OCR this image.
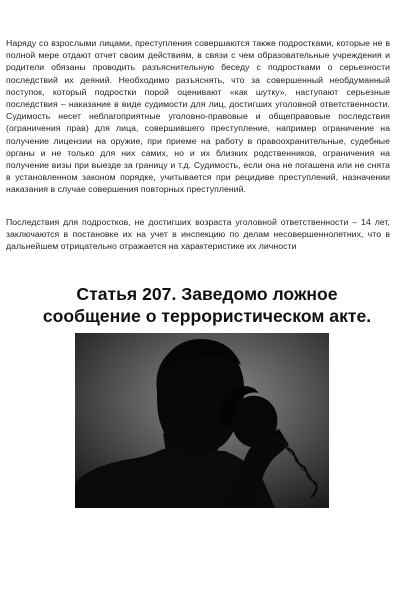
Наряду со взрослыми лицами, преступления совершаются также подростками, которые не в полной мере отдают отчет своим действиям, в связи с чем образовательные учреждения и родители обязаны проводить разъяснительную беседу с подростками о серьезности последствий их деяний. Необходимо разъяснять, что за совершенный необдуманный поступок, который подростки порой оценивают «как шутку», наступают серьезные последствия – наказание в виде судимости для лиц, достигших уголовной ответственности. Судимость несет неблагоприятные уголовно-правовые и общеправовые последствия (ограничения прав) для лица, совершившего преступление, например ограничение на получение лицензии на оружие, при приеме на работу в правоохранительные, судебные органы и не только для них самих, но и их близких родственников, ограничения на получение визы при выезде за границу и т.д. Судимость, если она не погашена или не снята в установленном законом порядке, учитывается при рецидиве преступлений, назначении наказания в случае совершения повторных преступлений.

Последствия для подростков, не достигших возраста уголовной ответственности – 14 лет, заключаются в постановке их на учет в инспекцию по делам несовершеннолетних, что в дальнейшем отрицательно отражается на характеристике их личности

Статья 207. Заведомо ложное
сообщение о террористическом акте.
